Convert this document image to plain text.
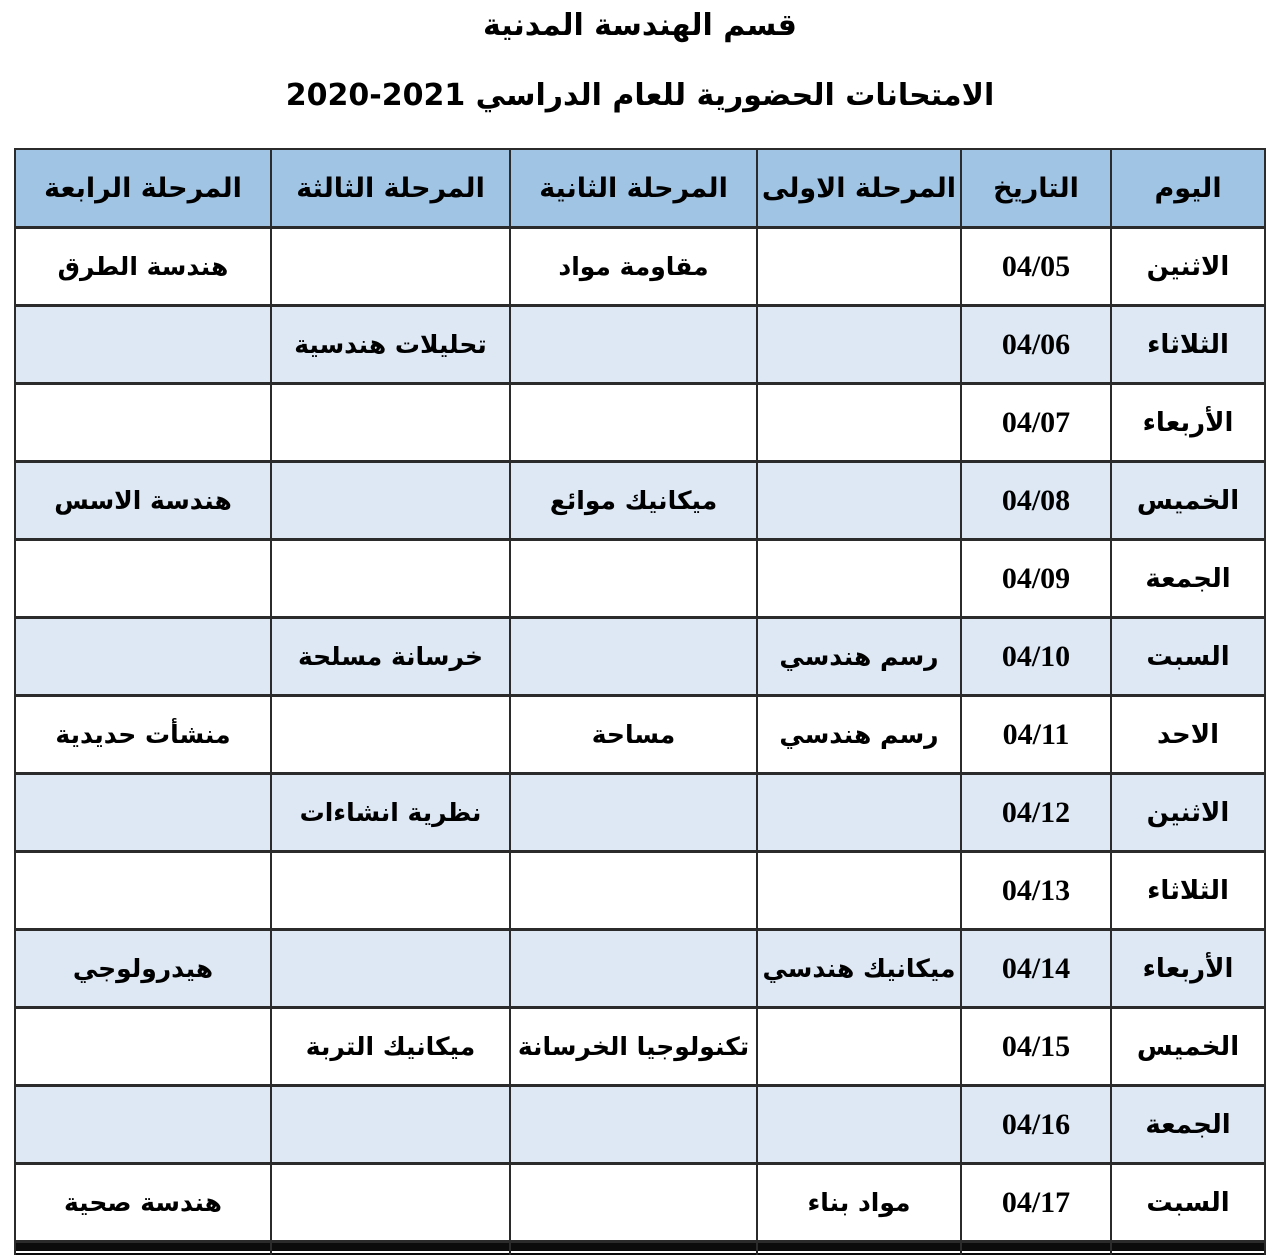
قسم الهندسة المدنية
الامتحانات الحضورية للعام الدراسي 2021-2020
اليوم
التاريخ
المرحلة الاولى
المرحلة الثانية
المرحلة الثالثة
المرحلة الرابعة
الاثنين
04/05
مقاومة مواد
هندسة الطرق
الثلاثاء
04/06
تحليلات هندسية
الأربعاء
04/07
الخميس
04/08
ميكانيك موائع
هندسة الاسس
الجمعة
04/09
السبت
04/10
رسم هندسي
خرسانة مسلحة
الاحد
04/11
رسم هندسي
مساحة
منشأت حديدية
الاثنين
04/12
نظرية انشاءات
الثلاثاء
04/13
الأربعاء
04/14
ميكانيك هندسي
هيدرولوجي
الخميس
04/15
تكنولوجيا الخرسانة
ميكانيك التربة
الجمعة
04/16
السبت
04/17
مواد بناء
هندسة صحية
